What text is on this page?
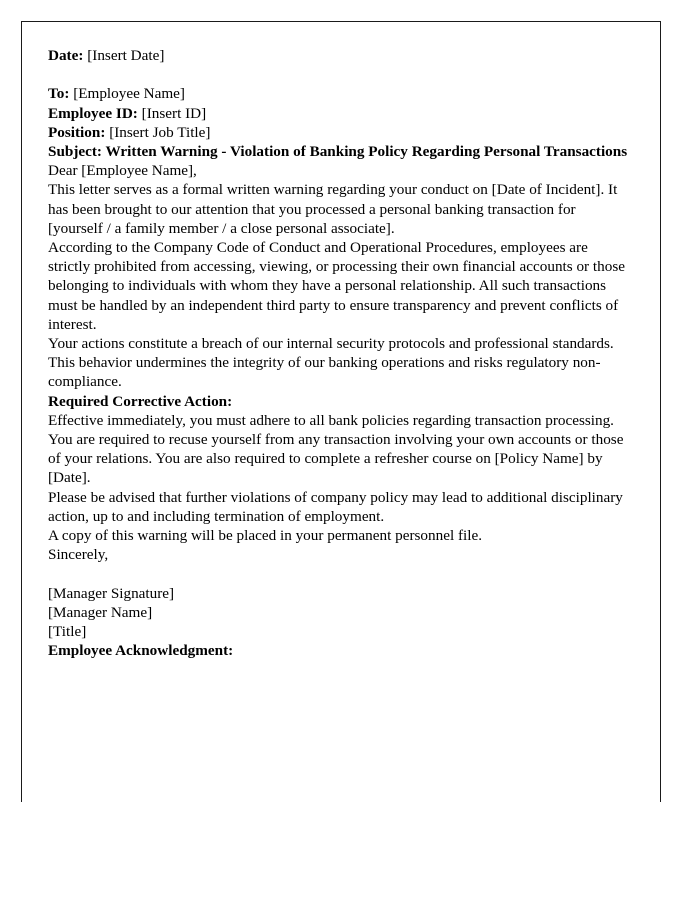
Date: [Insert Date]
To: [Employee Name]
Employee ID: [Insert ID]
Position: [Insert Job Title]
Subject: Written Warning - Violation of Banking Policy Regarding Personal Transactions

Dear [Employee Name],

This letter serves as a formal written warning regarding your conduct on [Date of Incident]. It has been brought to our attention that you processed a personal banking transaction for [yourself / a family member / a close personal associate].

According to the Company Code of Conduct and Operational Procedures, employees are strictly prohibited from accessing, viewing, or processing their own financial accounts or those belonging to individuals with whom they have a personal relationship. All such transactions must be handled by an independent third party to ensure transparency and prevent conflicts of interest.

Your actions constitute a breach of our internal security protocols and professional standards. This behavior undermines the integrity of our banking operations and risks regulatory non-compliance.

Required Corrective Action:

Effective immediately, you must adhere to all bank policies regarding transaction processing. You are required to recuse yourself from any transaction involving your own accounts or those of your relations. You are also required to complete a refresher course on [Policy Name] by [Date].

Please be advised that further violations of company policy may lead to additional disciplinary action, up to and including termination of employment.

A copy of this warning will be placed in your permanent personnel file.

Sincerely,

[Manager Signature]
[Manager Name]
[Title]
Employee Acknowledgment:
